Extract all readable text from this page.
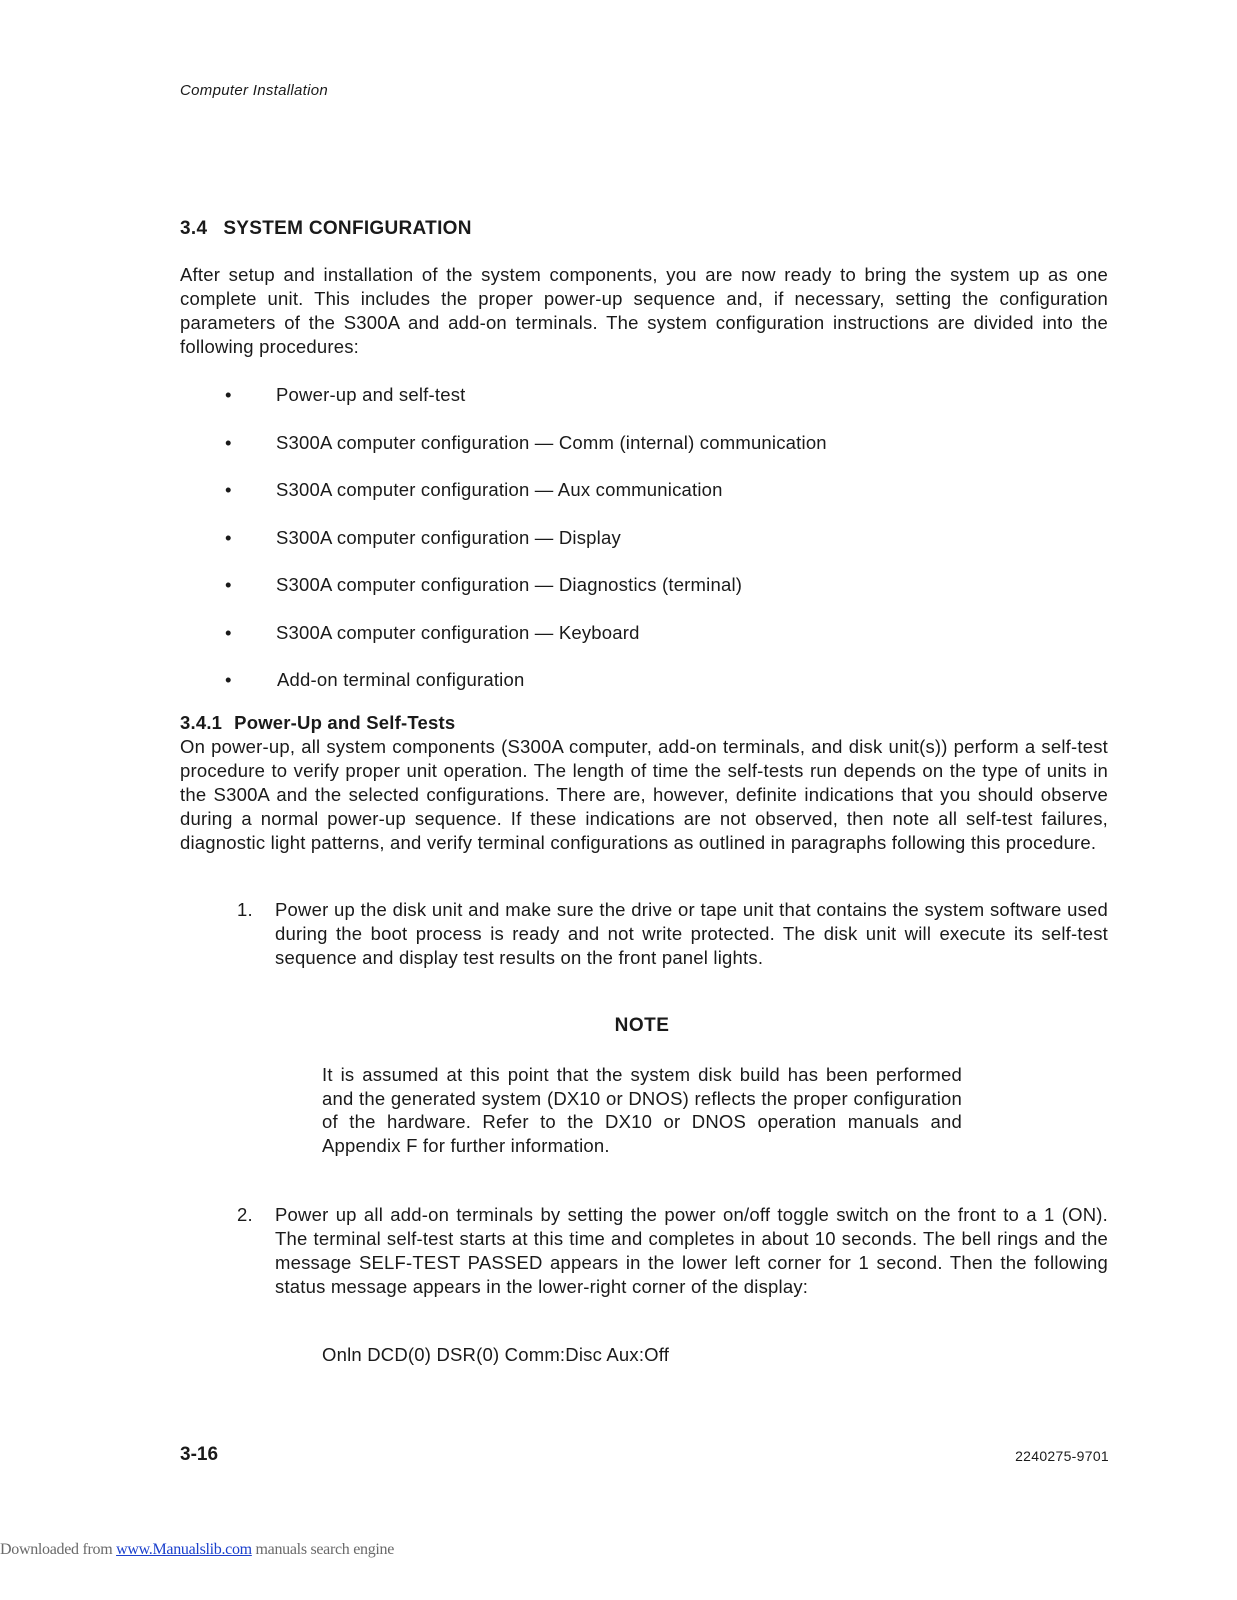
Computer Installation
3.4 SYSTEM CONFIGURATION
After setup and installation of the system components, you are now ready to bring the system up as one complete unit. This includes the proper power-up sequence and, if necessary, setting the configuration parameters of the S300A and add-on terminals. The system configuration instructions are divided into the following procedures:
•	Power-up and self-test
•	S300A computer configuration — Comm (internal) communication
•	S300A computer configuration — Aux communication
•	S300A computer configuration — Display
•	S300A computer configuration — Diagnostics (terminal)
•	S300A computer configuration — Keyboard
•	Add-on terminal configuration
3.4.1 Power-Up and Self-Tests
On power-up, all system components (S300A computer, add-on terminals, and disk unit(s)) perform a self-test procedure to verify proper unit operation. The length of time the self-tests run depends on the type of units in the S300A and the selected configurations. There are, however, definite indications that you should observe during a normal power-up sequence. If these indications are not observed, then note all self-test failures, diagnostic light patterns, and verify terminal configurations as outlined in paragraphs following this procedure.
1. Power up the disk unit and make sure the drive or tape unit that contains the system software used during the boot process is ready and not write protected. The disk unit will execute its self-test sequence and display test results on the front panel lights.
NOTE
It is assumed at this point that the system disk build has been performed and the generated system (DX10 or DNOS) reflects the proper configuration of the hardware. Refer to the DX10 or DNOS operation manuals and Appendix F for further information.
2. Power up all add-on terminals by setting the power on/off toggle switch on the front to a 1 (ON). The terminal self-test starts at this time and completes in about 10 seconds. The bell rings and the message SELF-TEST PASSED appears in the lower left corner for 1 second. Then the following status message appears in the lower-right corner of the display:
Onln DCD(0) DSR(0) Comm:Disc Aux:Off
3-16	2240275-9701
Downloaded from www.Manualslib.com manuals search engine
